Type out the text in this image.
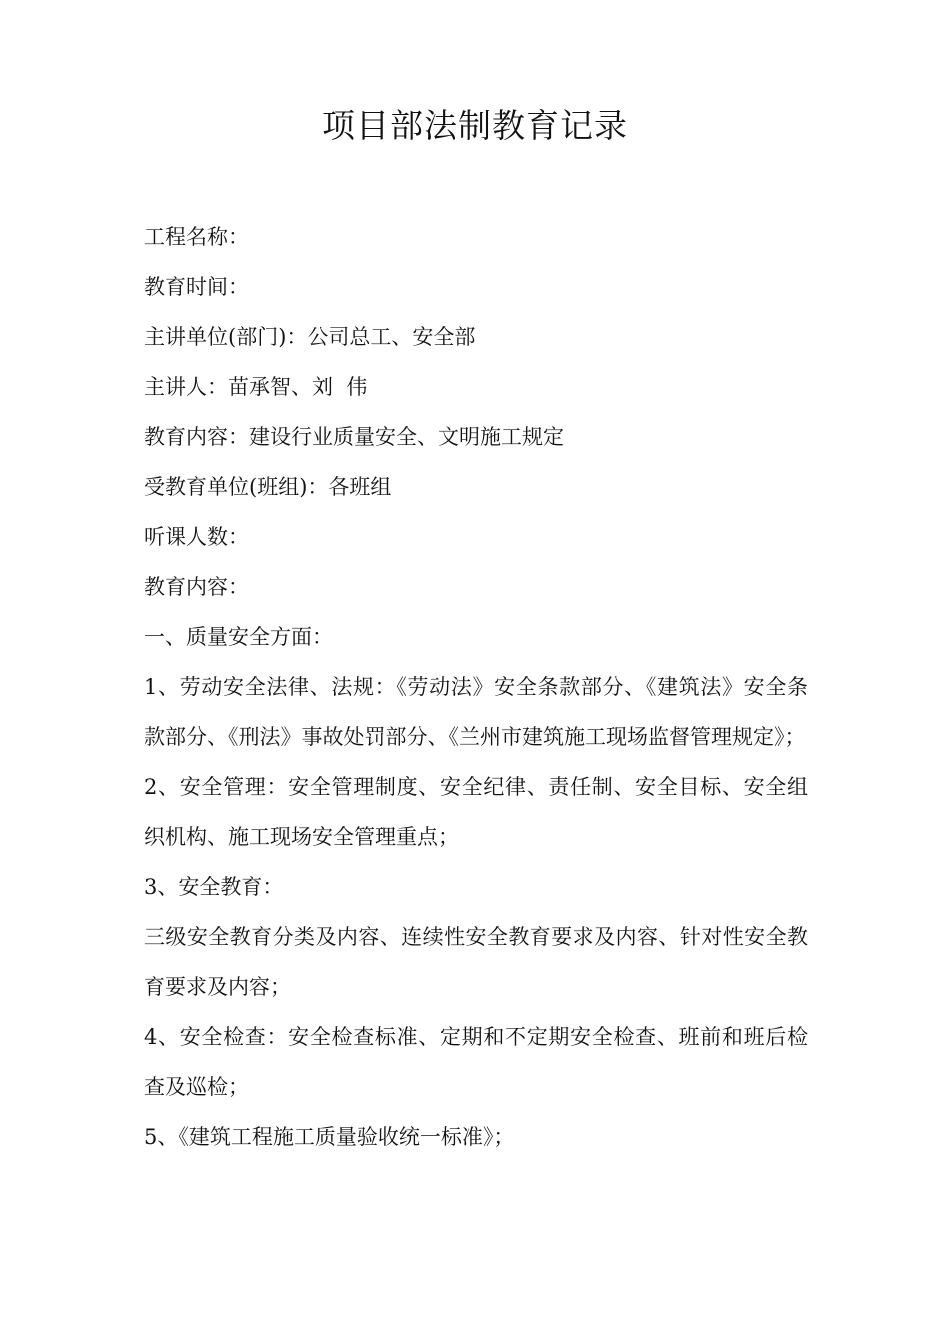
项目部法制教育记录

工程名称：

教育时间：

主讲单位(部门)：公司总工、安全部

主讲人：苗承智、刘  伟

教育内容：建设行业质量安全、文明施工规定

受教育单位(班组)：各班组

听课人数：

教育内容：

一、质量安全方面：

1、劳动安全法律、法规：《劳动法》安全条款部分、《建筑法》安全条款部分、《刑法》事故处罚部分、《兰州市建筑施工现场监督管理规定》；

2、安全管理：安全管理制度、安全纪律、责任制、安全目标、安全组织机构、施工现场安全管理重点；

3、安全教育：

三级安全教育分类及内容、连续性安全教育要求及内容、针对性安全教育要求及内容；

4、安全检查：安全检查标准、定期和不定期安全检查、班前和班后检查及巡检；

5、《建筑工程施工质量验收统一标准》；
